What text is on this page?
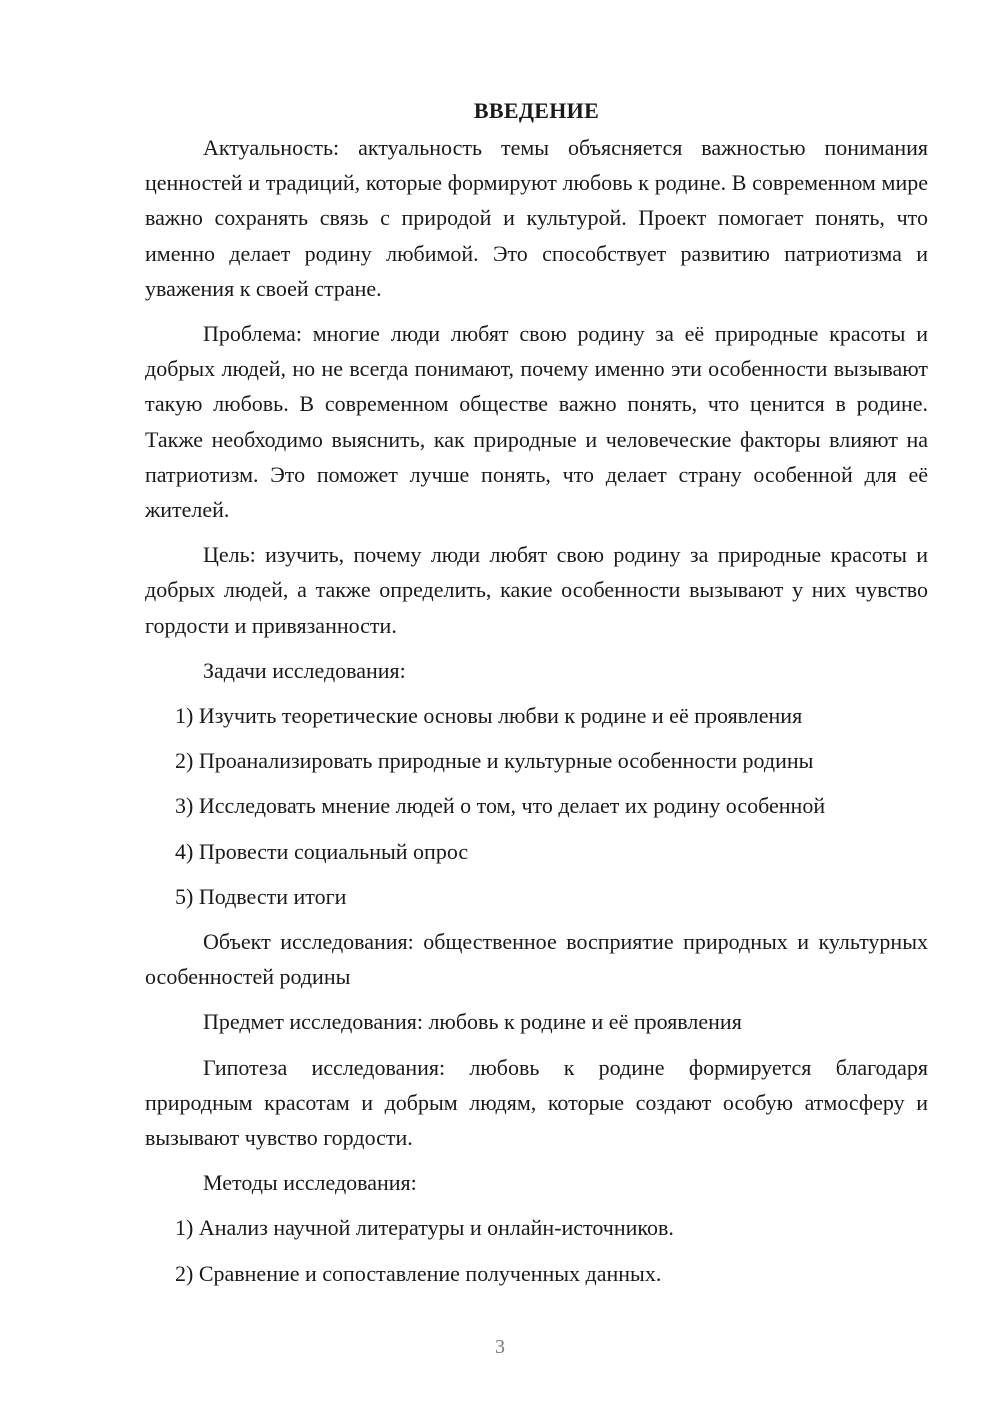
ВВЕДЕНИЕ

Актуальность: актуальность темы объясняется важностью понимания ценностей и традиций, которые формируют любовь к родине. В современном мире важно сохранять связь с природой и культурой. Проект помогает понять, что именно делает родину любимой. Это способствует развитию патриотизма и уважения к своей стране.

Проблема: многие люди любят свою родину за её природные красоты и добрых людей, но не всегда понимают, почему именно эти особенности вызывают такую любовь. В современном обществе важно понять, что ценится в родине. Также необходимо выяснить, как природные и человеческие факторы влияют на патриотизм. Это поможет лучше понять, что делает страну особенной для её жителей.

Цель: изучить, почему люди любят свою родину за природные красоты и добрых людей, а также определить, какие особенности вызывают у них чувство гордости и привязанности.

Задачи исследования:

1) Изучить теоретические основы любви к родине и её проявления
2) Проанализировать природные и культурные особенности родины
3) Исследовать мнение людей о том, что делает их родину особенной
4) Провести социальный опрос
5) Подвести итоги

Объект исследования: общественное восприятие природных и культурных особенностей родины

Предмет исследования: любовь к родине и её проявления

Гипотеза исследования: любовь к родине формируется благодаря природным красотам и добрым людям, которые создают особую атмосферу и вызывают чувство гордости.

Методы исследования:

1) Анализ научной литературы и онлайн-источников.
2) Сравнение и сопоставление полученных данных.
3
